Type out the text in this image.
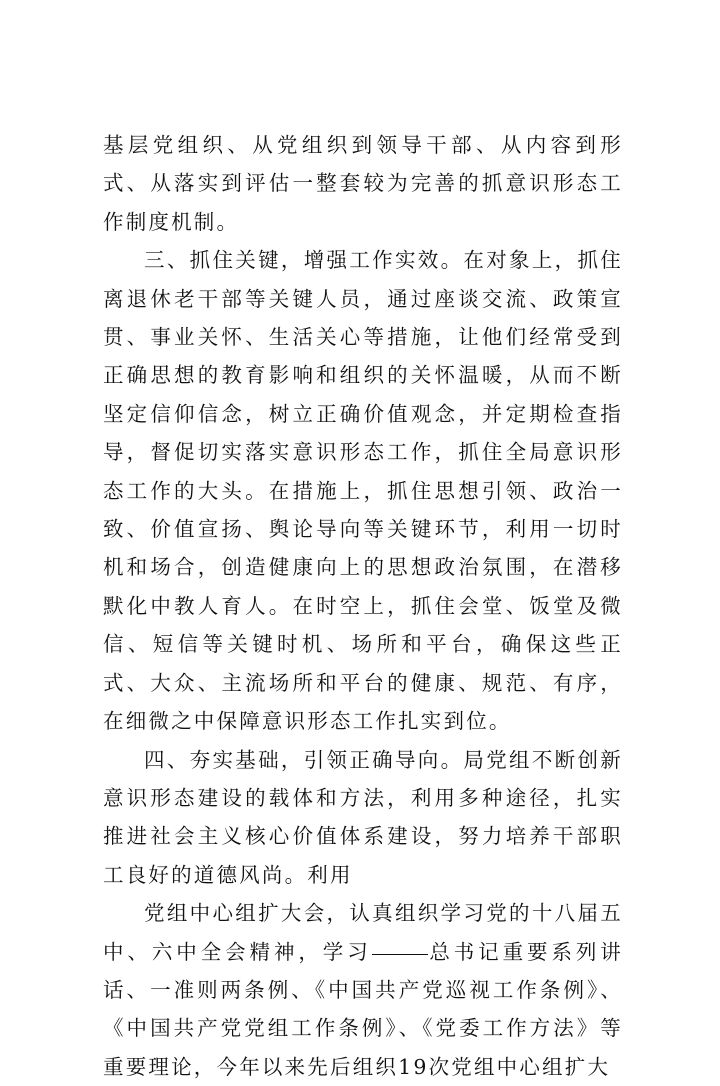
基层党组织、从党组织到领导干部、从内容到形式、从落实到评估一整套较为完善的抓意识形态工作制度机制。

三、抓住关键，增强工作实效。在对象上，抓住离退休老干部等关键人员，通过座谈交流、政策宣贯、事业关怀、生活关心等措施，让他们经常受到正确思想的教育影响和组织的关怀温暖，从而不断坚定信仰信念，树立正确价值观念，并定期检查指导，督促切实落实意识形态工作，抓住全局意识形态工作的大头。在措施上，抓住思想引领、政治一致、价值宣扬、舆论导向等关键环节，利用一切时机和场合，创造健康向上的思想政治氛围，在潜移默化中教人育人。在时空上，抓住会堂、饭堂及微信、短信等关键时机、场所和平台，确保这些正式、大众、主流场所和平台的健康、规范、有序，在细微之中保障意识形态工作扎实到位。

四、夯实基础，引领正确导向。局党组不断创新意识形态建设的载体和方法，利用多种途径，扎实推进社会主义核心价值体系建设，努力培养干部职工良好的道德风尚。利用

党组中心组扩大会，认真组织学习党的十八届五中、六中全会精神，学习	总书记重要系列讲话、一准则两条例、《中国共产党巡视工作条例》、《中国共产党党组工作条例》、《党委工作方法》等重要理论，今年以来先后组织19次党组中心组扩大
